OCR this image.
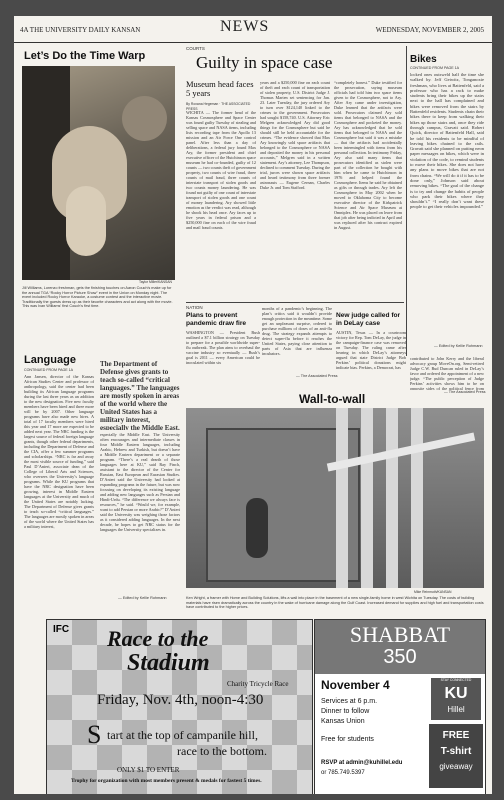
4A THE UNIVERSITY DAILY KANSAN	NEWS	WEDNESDAY, NOVEMBER 2, 2005
Let’s Do the Time Warp
Taylor Miller/KANSAN
Jill Williams, Lorenzo freshman, gets the finishing touches on Aaron Couch’s make up for the annual TGA “Rocky Horror Picture Show” event in the Union on Monday night. The event included Rocky Horror Karaoke, a costume contest and the interactive movie. Traditionally the guests dress up as their favorite characters and act along with the movie. This was Ivan Williams’ first Couch’s first time.
COURTS
Guilty in space case
Museum head faces 5 years
By Roxana Hegeman · THE ASSOCIATED PRESS
WICHITA — The former head of the Kansas Cosmosphere and Space Center was found guilty Tuesday of stealing and selling space and NASA items, including lists recording tape from the Apollo 13 mission and an Air Force One control panel. After less than a day of deliberations, a federal jury found Max Ary, the former president and chief executive officer of the Hutchinson space museum he had co-founded, guilty of 12 counts — two counts theft of government property, two counts of wire fraud, three counts of mail fraud, three counts of interstate transport of stolen goods and two counts money laundering. He was found not guilty of one count of interstate transport of stolen goods and one count of money laundering. Ary showed little emotion as the verdict was read, although he shook his head once. Ary faces up to five years in federal prison and a $250,000 fine on each of the wire fraud and mail fraud counts.
years and a $250,000 fine on each count of theft and each count of transportation of stolen property, U.S. District Judge J. Thomas Marten set sentencing for Jan. 23. Later Tuesday, the jury ordered Ary to turn over $124,140 linked to the crimes to the government. Prosecutors had sought $158,740. U.S. Attorney Eric Melgren acknowledged Ary did good things for the Cosmosphere but said he should still be held accountable for the crimes. “The evidence showed that Max Ary knowingly sold space artifacts that belonged to the Cosmosphere or NASA and deposited the money in his personal accounts,” Melgren said in a written statement. Ary’s attorney, Lee Thompson, declined to comment Tuesday. During the trial, jurors were shown space artifacts and heard testimony from three former astronauts — Eugene Cernan, Charles Duke Jr. and Tom Stafford.
“completely honest.” Duke testified for the prosecution, saying museum officials had told him two space items given to the Cosmosphere, not to Ary. After Ary came under investigation, Duke learned that the artifacts were sold. Prosecutors claimed Ary sold items that belonged to NASA and the Cosmosphere and pocketed the money. Ary has acknowledged that he sold items that belonged to NASA and the Cosmosphere but said it was a mistake — that the artifacts had accidentally been intermingled with items from his personal collection. In testimony Friday, Ary also said many items that prosecutors identified as stolen were part of the collection he bought with him when he came to Hutchinson in 1976 and helped found the Cosmosphere. Items he said he obtained as gifts or through trades. Ary left the Cosmosphere in May 2002 when he moved to Oklahoma City to become executive director of the Kirkpatrick Science and Air Space Museum at Omniplex. He was placed on leave from that job after being indicted in April and was replaced after his contract expired in August.
Bikes
CONTINUED FROM PAGE 1A
locked ones outsweld half the time she walked by. Jeff Geiwitz, Tonganoxie freshman, who lives at Battenfeld, said a professor who has a rack to make students bring their bikes up the stairs next to the hall has complained and bikes were removed from the stairs by Battenfeld residents. Students chain their bikes there to keep from walking their bikes up those stairs and, once they ride through campus, Gravatt said. Robert Quick, director of Battenfeld Hall, said he told his residents to be mindful of leaving bikes chained to the rails. Gravatt said she planned on putting neon paper messages on bikes, which were in violation of the code, to remind students to move their bikes. She does not have any plans to move bikes that are not from chains. “We will do it if it has to be done only,” Johnson said about removing bikes. “The goal of the change is to try and change the habits of people who park their bikes where they shouldn’t.” “I really don’t want these people to get their vehicles impounded.”
— Edited by Kellie Rohmann
NATION
Plans to prevent pandemic draw fire
WASHINGTON — President Bush outlined a $7.1 billion strategy on Tuesday to prepare for a possible worldwide super-flu outbreak. The plan aims to overhaul the vaccine industry so eventually — Bush’s goal is 2011 — every American could be inoculated within six
months of a pandemic’s beginning. The plan’s critics said it wouldn’t provide enough protection in the meantime. Some get an unpleasant surprise, ordered to purchase millions of doses of an anti-flu drug. The strategy expands attempts to detect super-flu before it reaches the United States, paying close attention to parts of Asia that are influenza incubators.
— The Associated Press
New judge called for in DeLay case
AUSTIN, Texas — In a courtroom victory for Rep. Tom DeLay, the judge in the campaign-finance case was removed on Tuesday. The ruling came after hearing in which DeLay’s attorneys argued that state District Judge Bob Perkins’ political donations might indicate bias. Perkins, a Democrat, has
contributed to John Kerry and the liberal advocacy group MoveOn.org. Semi-retired Judge C.W. Bud Duncan ruled in DeLay’s favor and ordered the appointment of a new judge. “The public perception of Judge Perkins’ activities shows him to be on opposite sides of the political fence from
— The Associated Press
Language
CONTINUED FROM PAGE 1A
Ann Jansen, director of the Kansas African Studies Center and professor of anthropology, said the center had been building its African language programs during the last three years as an addition to the new designation. Five new faculty members have been hired and three more will be by 2007. Other language programs have also made new hires. A total of 17 faculty members were hired this year and 17 more are expected to be added next year. The NRC funding is the largest source of federal foreign language grants, though other federal departments, including the Department of Defense and the CIA, offer a few summer programs and scholarships. “NRC is far and away the most visible source of funding,” said Paul D’Anieri, associate dean of the College of Liberal Arts and Sciences, who oversees the University’s language programs. While the KU programs that have the NRC designation have been growing, interest in Middle Eastern languages at the University and much of the United States are notably lacking. The Department of Defense gives grants to teach so-called “critical languages.” The languages are mostly spoken in areas of the world where the United States has a military interest,
The Department of Defense gives grants to teach so-called “critical languages.” The languages are mostly spoken in areas of the world where the United States has a military interest, especially the Middle East.
especially the Middle East. The University often encourages and intermediate classes in four Middle Eastern languages, including Arabic, Hebrew and Turkish, but doesn’t have a Middle Eastern department or a separate program. “There’s a real dearth of those languages here at KU,” said Ray Finch, assistant to the director of the Center for Russian, East European and Eurasian Studies. D’Anieri said the University had looked at expanding programs in the future, but was now focusing on developing its existing language and adding new languages such as Persian and Hindi-Urdu. “The difference we always face is resources,” he said. “Would we, for example, want to add Persian or more Arabic?” D’Anieri said the University was weighing those factors as it considered adding languages. In the next decade, he hopes to get NRC status for the languages the University specializes in.
— Edited by Kellie Rohmann
Wall-to-wall
Mike Reinmuth/KANSAN
Ken Wright, a framer with Home and Building Solutions, lifts a wall into place in the basement of a new single-family home in west Wichita on Tuesday. The costs of building materials have risen dramatically across the country in the wake of hurricane damage along the Gulf Coast. Increased demand for supplies and high fuel and transportation costs have contributed to the higher prices.
IFC Race to the
Stadium
Charity Tricycle Race
Friday, Nov. 4th, noon-4:30
S tart at the top of campanile hill,
race to the bottom.
ONLY $1 TO ENTER
Trophy for organization with most members present & medals for fastest 5 times.
SHABBAT
350
November 4
Services at 6 p.m.
Dinner to follow
Kansas Union
Free for students
RSVP at admin@kuhillel.edu
or 785.749.5397
STAY CONNECTED
KU
Hillel
FREE
T-shirt
giveaway
